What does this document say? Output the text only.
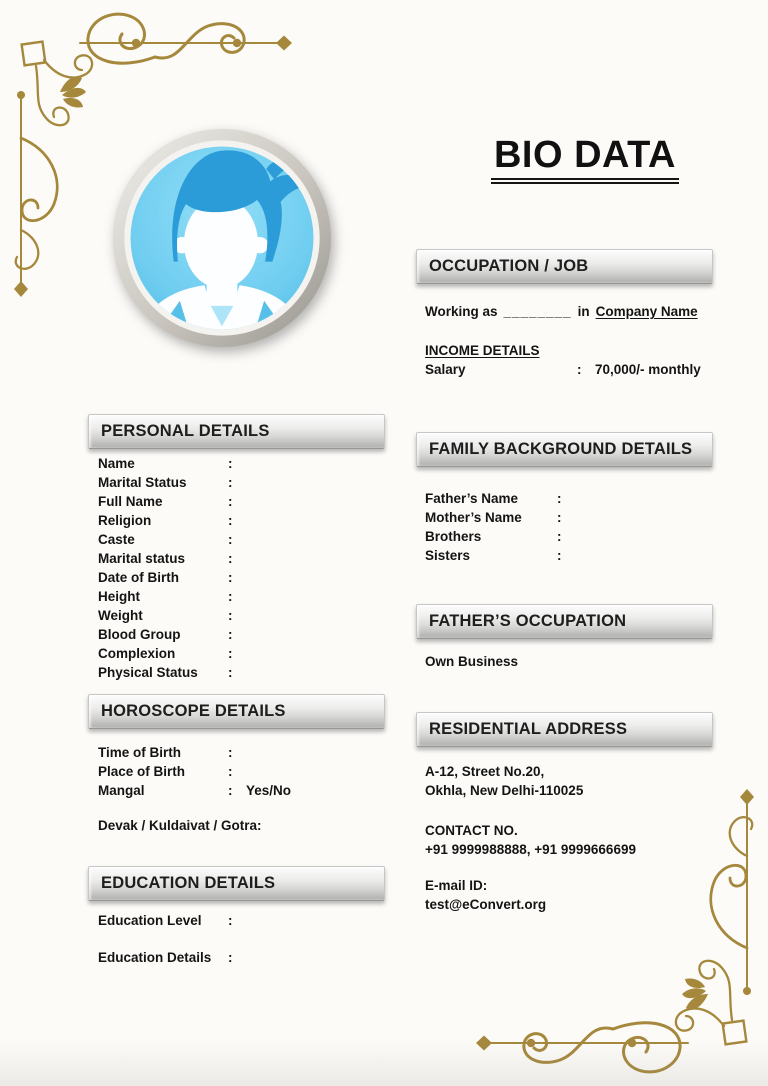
BIO DATA
OCCUPATION / JOB
PERSONAL DETAILS
FAMILY BACKGROUND DETAILS
FATHER’S OCCUPATION
HOROSCOPE DETAILS
RESIDENTIAL ADDRESS
EDUCATION DETAILS
Working as ________ in Company Name
INCOME DETAILS
Salary	:	70,000/- monthly
Name	:
Marital Status	:
Full Name	:
Religion	:
Caste	:
Marital status	:
Date of Birth	:
Height	:
Weight	:
Blood Group	:
Complexion	:
Physical Status	:
Father’s Name	:
Mother’s Name	:
Brothers	:
Sisters	:
Own Business
Time of Birth	:
Place of Birth	:
Mangal	:	Yes/No
Devak / Kuldaivat / Gotra:
A-12, Street No.20,
Okhla, New Delhi-110025
CONTACT NO.
+91 9999988888, +91 9999666699
E-mail ID:
test@eConvert.org
Education Level	:
Education Details	:
